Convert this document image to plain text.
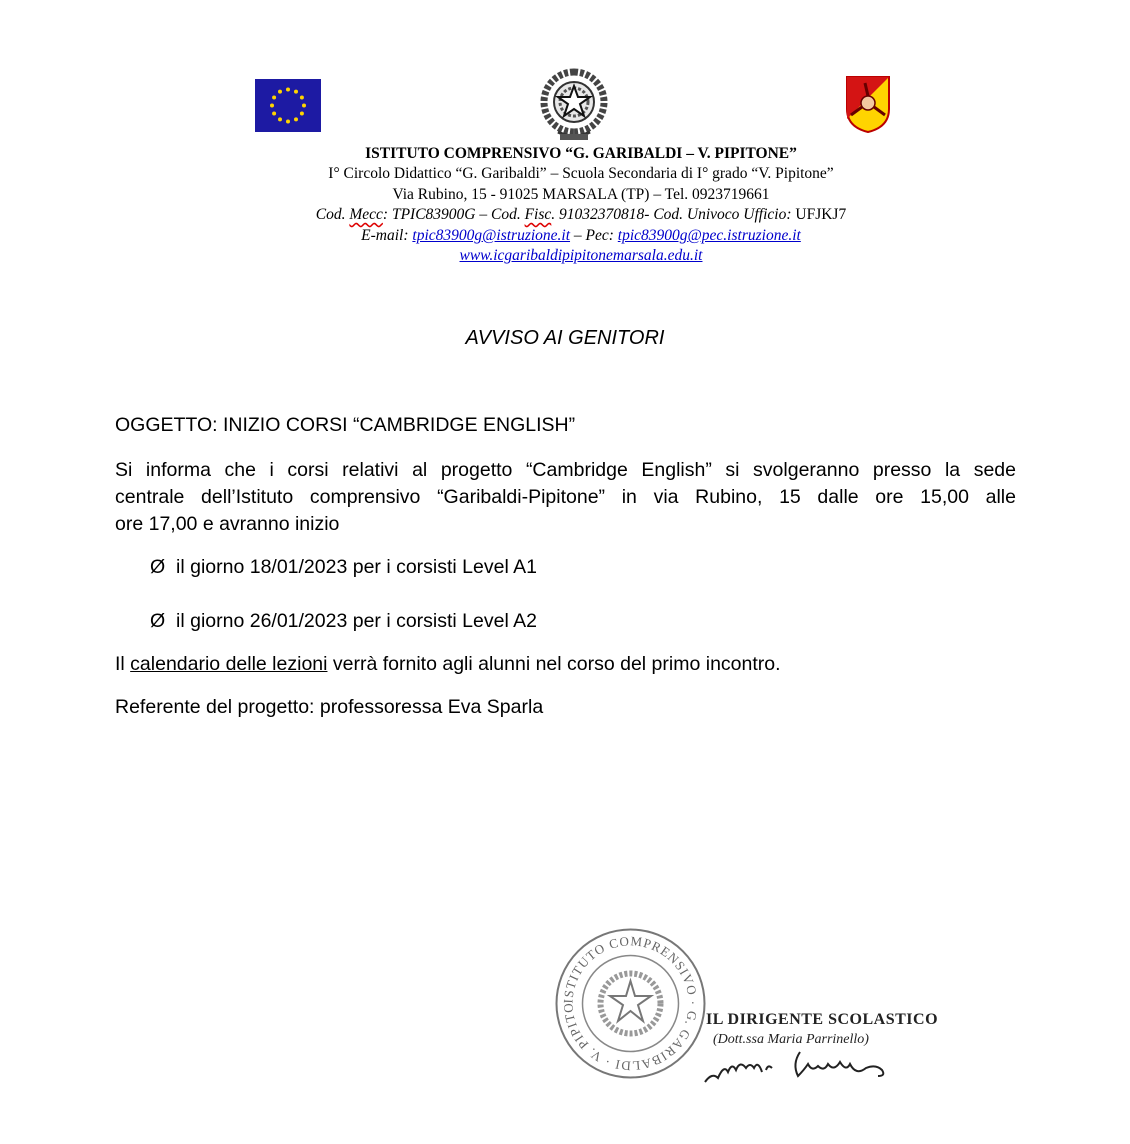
ISTITUTO COMPRENSIVO “G. GARIBALDI – V. PIPITONE”
I° Circolo Didattico “G. Garibaldi” – Scuola Secondaria di I° grado “V. Pipitone”
Via Rubino, 15 - 91025 MARSALA (TP) – Tel. 0923719661
Cod. Mecc: TPIC83900G – Cod. Fisc. 91032370818- Cod. Univoco Ufficio: UFJKJ7
E-mail: tpic83900g@istruzione.it – Pec: tpic83900g@pec.istruzione.it
www.icgaribaldipipitonemarsala.edu.it
AVVISO AI GENITORI
OGGETTO: INIZIO CORSI “CAMBRIDGE ENGLISH”
Si informa che i corsi relativi al progetto “Cambridge English” si svolgeranno presso la sede
centrale dell’Istituto comprensivo “Garibaldi-Pipitone” in via Rubino, 15 dalle ore 15,00 alle
ore 17,00 e avranno inizio
Ø il giorno 18/01/2023 per i corsisti Level A1
Ø il giorno 26/01/2023 per i corsisti Level A2
Il calendario delle lezioni verrà fornito agli alunni nel corso del primo incontro.
Referente del progetto: professoressa Eva Sparla
ISTITUTO COMPRENSIVO · G. GARIBALDI · V. PIPITO
IL DIRIGENTE SCOLASTICO
(Dott.ssa Maria Parrinello)
